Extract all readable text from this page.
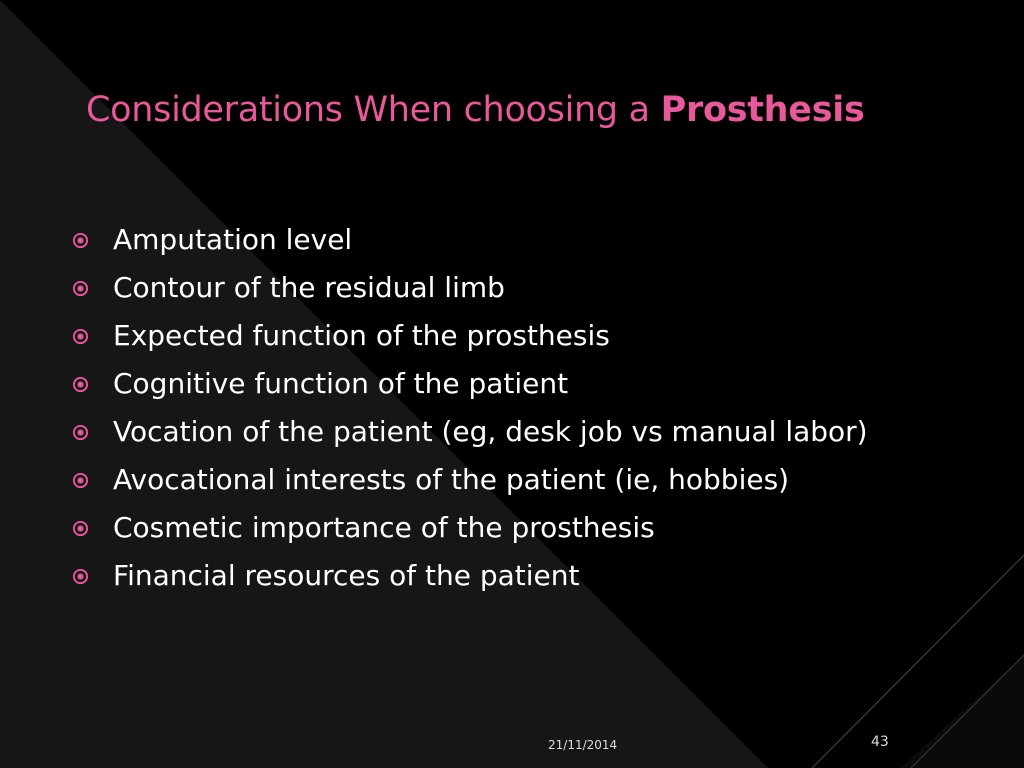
Considerations When choosing a Prosthesis
Amputation level
Contour of the residual limb
Expected function of the prosthesis
Cognitive function of the patient
Vocation of the patient (eg, desk job vs manual labor)
Avocational interests of the patient (ie, hobbies)
Cosmetic importance of the prosthesis
Financial resources of the patient
21/11/2014	43
